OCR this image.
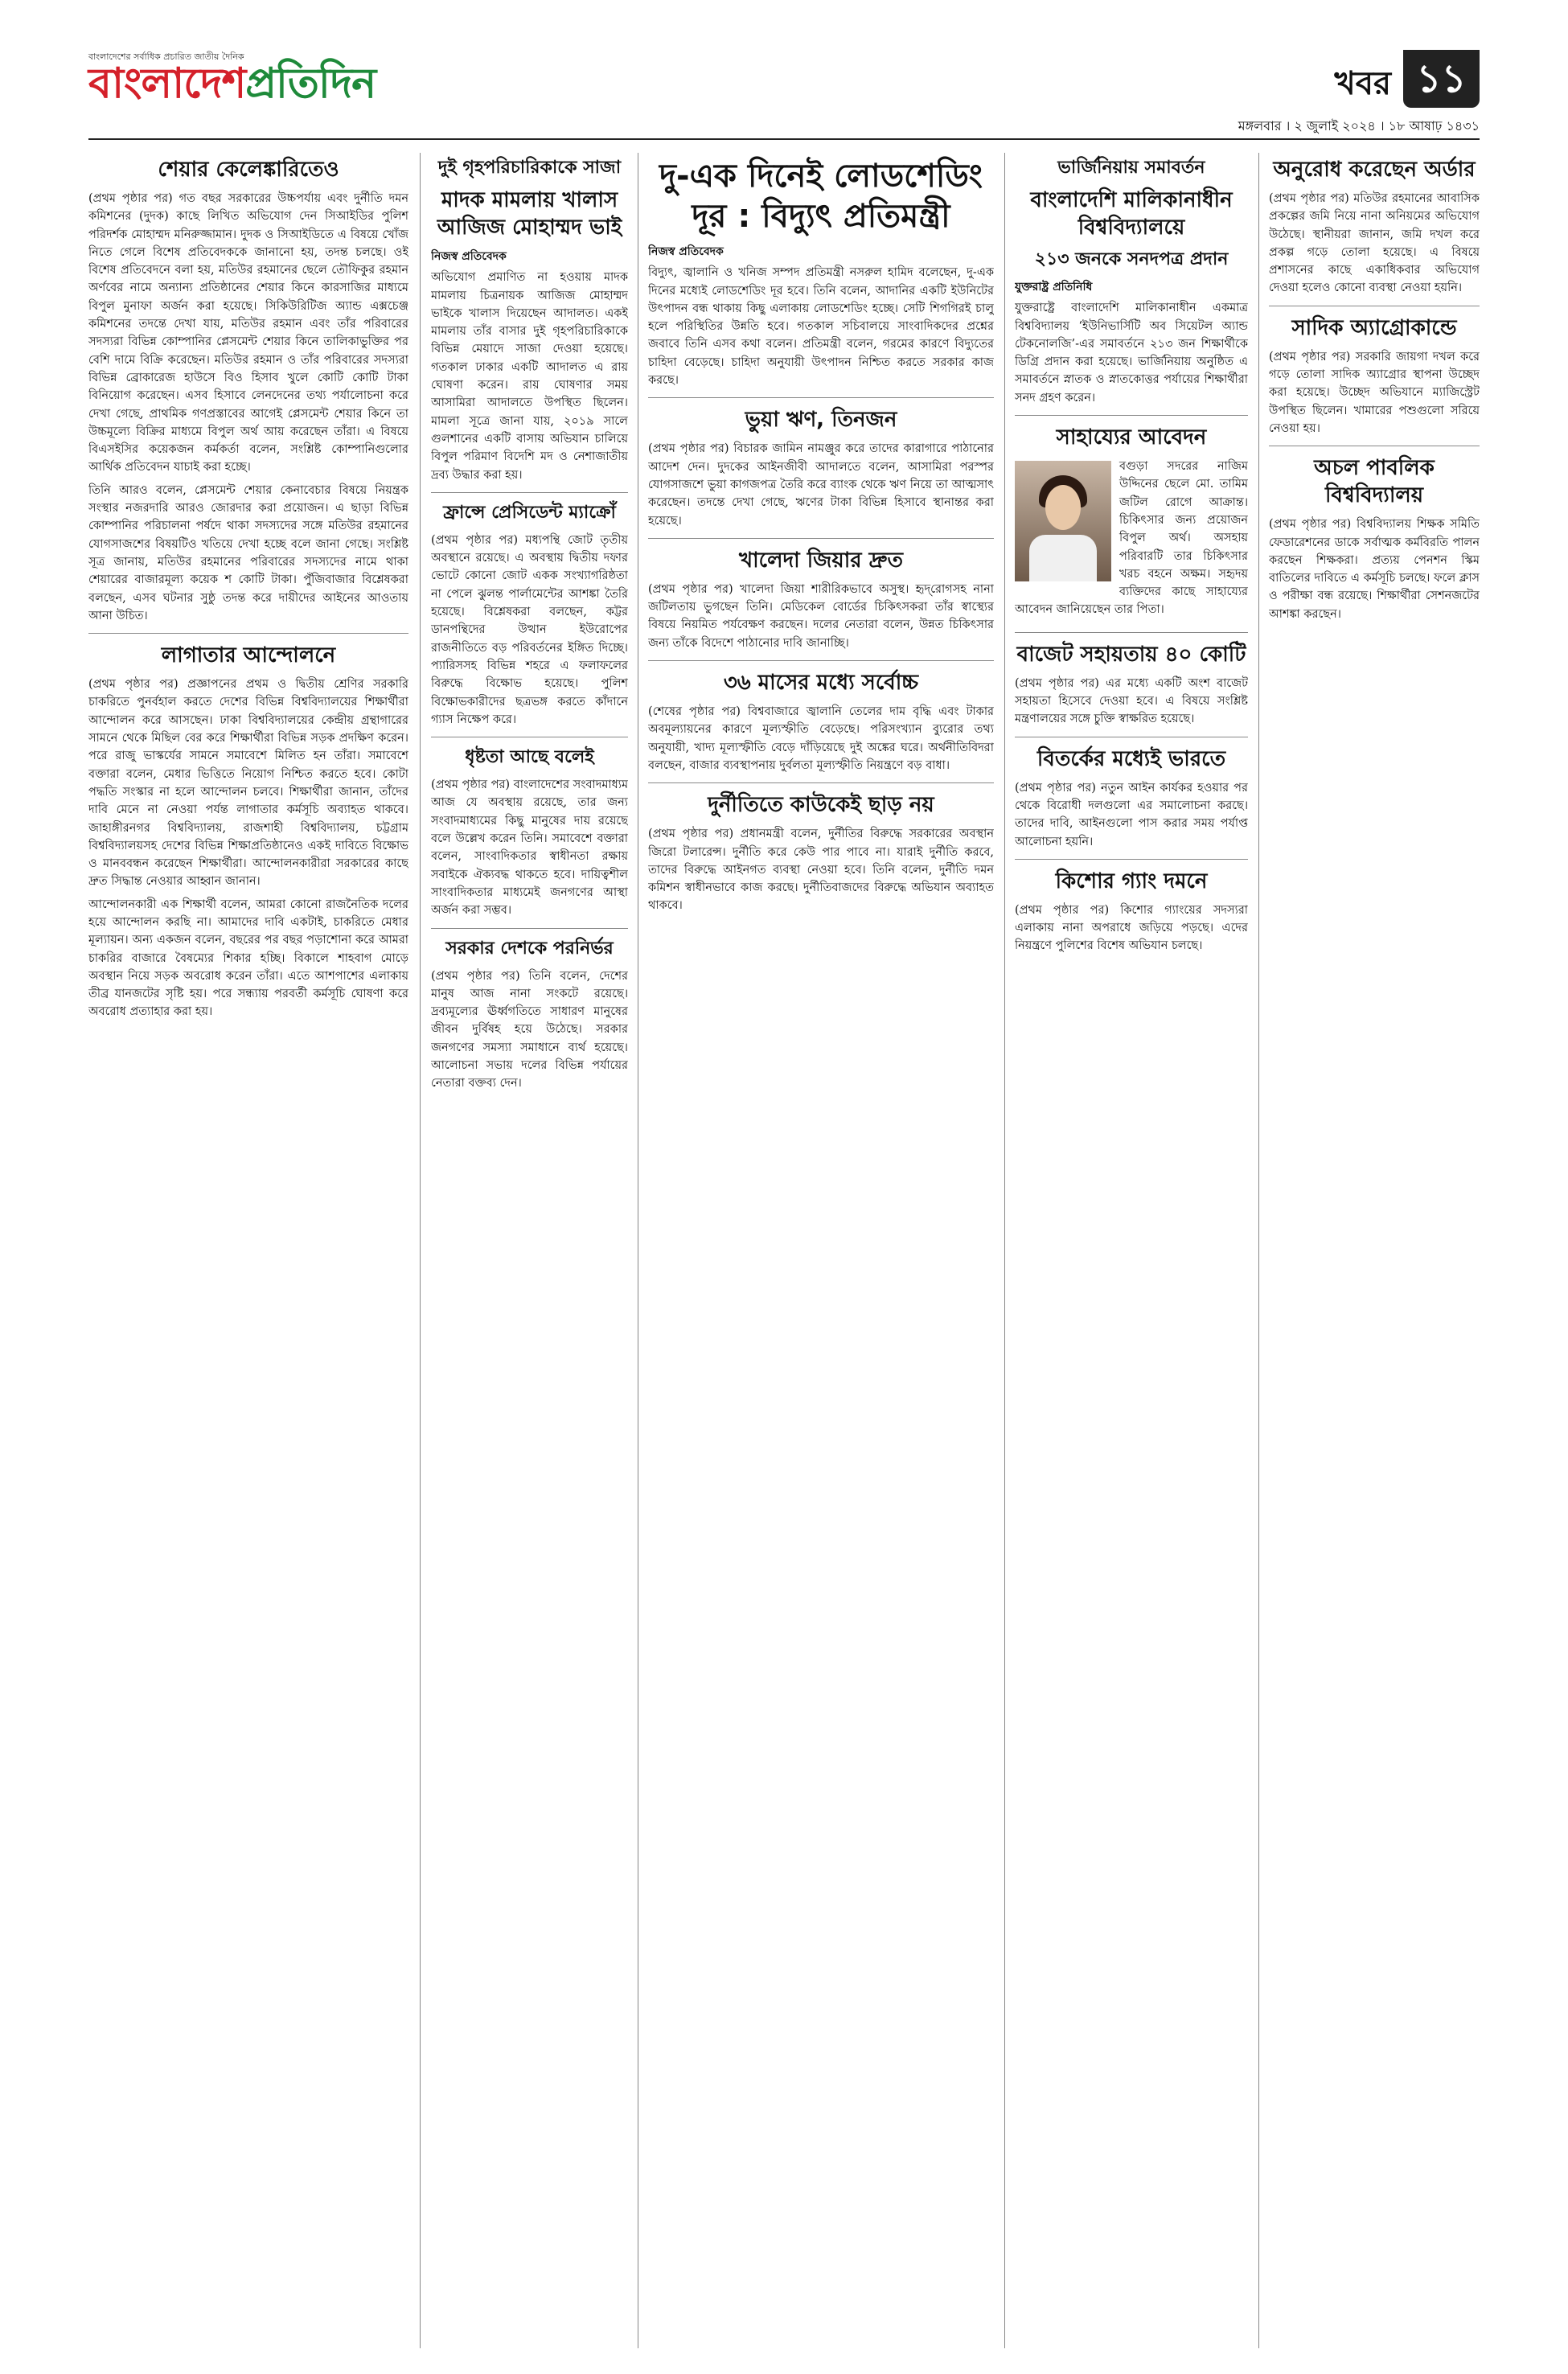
বাংলাদেশের সর্বাধিক প্রচারিত জাতীয় দৈনিক
বাংলাদেশপ্রতিদিন	খবর ১১
মঙ্গলবার । ২ জুলাই ২০২৪ । ১৮ আষাঢ় ১৪৩১
শেয়ার কেলেঙ্কারিতেও

(প্রথম পৃষ্ঠার পর) গত বছর সরকারের উচ্চপর্যায় এবং দুর্নীতি দমন কমিশনের (দুদক) কাছে লিখিত অভিযোগ দেন সিআইডির পুলিশ পরিদর্শক মোহাম্মদ মনিরুজ্জামান। দুদক ও সিআইডিতে এ বিষয়ে খোঁজ নিতে গেলে বিশেষ প্রতিবেদককে জানানো হয়, তদন্ত চলছে। ওই বিশেষ প্রতিবেদনে বলা হয়, মতিউর রহমানের ছেলে তৌফিকুর রহমান অর্ণবের নামে অন্যান্য প্রতিষ্ঠানের শেয়ার কিনে কারসাজির মাধ্যমে বিপুল মুনাফা অর্জন করা হয়েছে। সিকিউরিটিজ অ্যান্ড এক্সচেঞ্জ কমিশনের তদন্তে দেখা যায়, মতিউর রহমান এবং তাঁর পরিবারের সদস্যরা বিভিন্ন কোম্পানির প্লেসমেন্ট শেয়ার কিনে তালিকাভুক্তির পর বেশি দামে বিক্রি করেছেন। মতিউর রহমান ও তাঁর পরিবারের সদস্যরা বিভিন্ন ব্রোকারেজ হাউসে বিও হিসাব খুলে কোটি কোটি টাকা বিনিয়োগ করেছেন। এসব হিসাবে লেনদেনের তথ্য পর্যালোচনা করে দেখা গেছে, প্রাথমিক গণপ্রস্তাবের আগেই প্লেসমেন্ট শেয়ার কিনে তা উচ্চমূল্যে বিক্রির মাধ্যমে বিপুল অর্থ আয় করেছেন তাঁরা। এ বিষয়ে বিএসইসির কয়েকজন কর্মকর্তা বলেন, সংশ্লিষ্ট কোম্পানিগুলোর আর্থিক প্রতিবেদন যাচাই করা হচ্ছে।

তিনি আরও বলেন, প্লেসমেন্ট শেয়ার কেনাবেচার বিষয়ে নিয়ন্ত্রক সংস্থার নজরদারি আরও জোরদার করা প্রয়োজন। এ ছাড়া বিভিন্ন কোম্পানির পরিচালনা পর্ষদে থাকা সদস্যদের সঙ্গে মতিউর রহমানের যোগসাজশের বিষয়টিও খতিয়ে দেখা হচ্ছে বলে জানা গেছে। সংশ্লিষ্ট সূত্র জানায়, মতিউর রহমানের পরিবারের সদস্যদের নামে থাকা শেয়ারের বাজারমূল্য কয়েক শ কোটি টাকা। পুঁজিবাজার বিশ্লেষকরা বলছেন, এসব ঘটনার সুষ্ঠু তদন্ত করে দায়ীদের আইনের আওতায় আনা উচিত।

লাগাতার আন্দোলনে

(প্রথম পৃষ্ঠার পর) প্রজ্ঞাপনের প্রথম ও দ্বিতীয় শ্রেণির সরকারি চাকরিতে পুনর্বহাল করতে দেশের বিভিন্ন বিশ্ববিদ্যালয়ের শিক্ষার্থীরা আন্দোলন করে আসছেন। ঢাকা বিশ্ববিদ্যালয়ের কেন্দ্রীয় গ্রন্থাগারের সামনে থেকে মিছিল বের করে শিক্ষার্থীরা বিভিন্ন সড়ক প্রদক্ষিণ করেন। পরে রাজু ভাস্কর্যের সামনে সমাবেশে মিলিত হন তাঁরা। সমাবেশে বক্তারা বলেন, মেধার ভিত্তিতে নিয়োগ নিশ্চিত করতে হবে। কোটা পদ্ধতি সংস্কার না হলে আন্দোলন চলবে। শিক্ষার্থীরা জানান, তাঁদের দাবি মেনে না নেওয়া পর্যন্ত লাগাতার কর্মসূচি অব্যাহত থাকবে। জাহাঙ্গীরনগর বিশ্ববিদ্যালয়, রাজশাহী বিশ্ববিদ্যালয়, চট্টগ্রাম বিশ্ববিদ্যালয়সহ দেশের বিভিন্ন শিক্ষাপ্রতিষ্ঠানেও একই দাবিতে বিক্ষোভ ও মানববন্ধন করেছেন শিক্ষার্থীরা। আন্দোলনকারীরা সরকারের কাছে দ্রুত সিদ্ধান্ত নেওয়ার আহ্বান জানান।

আন্দোলনকারী এক শিক্ষার্থী বলেন, আমরা কোনো রাজনৈতিক দলের হয়ে আন্দোলন করছি না। আমাদের দাবি একটাই, চাকরিতে মেধার মূল্যায়ন। অন্য একজন বলেন, বছরের পর বছর পড়াশোনা করে আমরা চাকরির বাজারে বৈষম্যের শিকার হচ্ছি। বিকালে শাহবাগ মোড়ে অবস্থান নিয়ে সড়ক অবরোধ করেন তাঁরা। এতে আশপাশের এলাকায় তীব্র যানজটের সৃষ্টি হয়। পরে সন্ধ্যায় পরবর্তী কর্মসূচি ঘোষণা করে অবরোধ প্রত্যাহার করা হয়।

দুই গৃহপরিচারিকাকে সাজা
মাদক মামলায় খালাস আজিজ মোহাম্মদ ভাই
নিজস্ব প্রতিবেদক

অভিযোগ প্রমাণিত না হওয়ায় মাদক মামলায় চিত্রনায়ক আজিজ মোহাম্মদ ভাইকে খালাস দিয়েছেন আদালত। একই মামলায় তাঁর বাসার দুই গৃহপরিচারিকাকে বিভিন্ন মেয়াদে সাজা দেওয়া হয়েছে। গতকাল ঢাকার একটি আদালত এ রায় ঘোষণা করেন। রায় ঘোষণার সময় আসামিরা আদালতে উপস্থিত ছিলেন। মামলা সূত্রে জানা যায়, ২০১৯ সালে গুলশানের একটি বাসায় অভিযান চালিয়ে বিপুল পরিমাণ বিদেশি মদ ও নেশাজাতীয় দ্রব্য উদ্ধার করা হয়।

ফ্রান্সে প্রেসিডেন্ট ম্যাক্রোঁ

(প্রথম পৃষ্ঠার পর) মধ্যপন্থি জোট তৃতীয় অবস্থানে রয়েছে। এ অবস্থায় দ্বিতীয় দফার ভোটে কোনো জোট একক সংখ্যাগরিষ্ঠতা না পেলে ঝুলন্ত পার্লামেন্টের আশঙ্কা তৈরি হয়েছে। বিশ্লেষকরা বলছেন, কট্টর ডানপন্থিদের উত্থান ইউরোপের রাজনীতিতে বড় পরিবর্তনের ইঙ্গিত দিচ্ছে। প্যারিসসহ বিভিন্ন শহরে এ ফলাফলের বিরুদ্ধে বিক্ষোভ হয়েছে। পুলিশ বিক্ষোভকারীদের ছত্রভঙ্গ করতে কাঁদানে গ্যাস নিক্ষেপ করে।

ধৃষ্টতা আছে বলেই

(প্রথম পৃষ্ঠার পর) বাংলাদেশের সংবাদমাধ্যম আজ যে অবস্থায় রয়েছে, তার জন্য সংবাদমাধ্যমের কিছু মানুষের দায় রয়েছে বলে উল্লেখ করেন তিনি। সমাবেশে বক্তারা বলেন, সাংবাদিকতার স্বাধীনতা রক্ষায় সবাইকে ঐক্যবদ্ধ থাকতে হবে। দায়িত্বশীল সাংবাদিকতার মাধ্যমেই জনগণের আস্থা অর্জন করা সম্ভব।

সরকার দেশকে পরনির্ভর

(প্রথম পৃষ্ঠার পর) তিনি বলেন, দেশের মানুষ আজ নানা সংকটে রয়েছে। দ্রব্যমূল্যের ঊর্ধ্বগতিতে সাধারণ মানুষের জীবন দুর্বিষহ হয়ে উঠেছে। সরকার জনগণের সমস্যা সমাধানে ব্যর্থ হয়েছে। আলোচনা সভায় দলের বিভিন্ন পর্যায়ের নেতারা বক্তব্য দেন।

দু-এক দিনেই লোডশেডিং দূর : বিদ্যুৎ প্রতিমন্ত্রী
নিজস্ব প্রতিবেদক

বিদ্যুৎ, জ্বালানি ও খনিজ সম্পদ প্রতিমন্ত্রী নসরুল হামিদ বলেছেন, দু-এক দিনের মধ্যেই লোডশেডিং দূর হবে। তিনি বলেন, আদানির একটি ইউনিটের উৎপাদন বন্ধ থাকায় কিছু এলাকায় লোডশেডিং হচ্ছে। সেটি শিগগিরই চালু হলে পরিস্থিতির উন্নতি হবে। গতকাল সচিবালয়ে সাংবাদিকদের প্রশ্নের জবাবে তিনি এসব কথা বলেন। প্রতিমন্ত্রী বলেন, গরমের কারণে বিদ্যুতের চাহিদা বেড়েছে। চাহিদা অনুযায়ী উৎপাদন নিশ্চিত করতে সরকার কাজ করছে।

ভুয়া ঋণ, তিনজন

(প্রথম পৃষ্ঠার পর) বিচারক জামিন নামঞ্জুর করে তাদের কারাগারে পাঠানোর আদেশ দেন। দুদকের আইনজীবী আদালতে বলেন, আসামিরা পরস্পর যোগসাজশে ভুয়া কাগজপত্র তৈরি করে ব্যাংক থেকে ঋণ নিয়ে তা আত্মসাৎ করেছেন। তদন্তে দেখা গেছে, ঋণের টাকা বিভিন্ন হিসাবে স্থানান্তর করা হয়েছে।

খালেদা জিয়ার দ্রুত

(প্রথম পৃষ্ঠার পর) খালেদা জিয়া শারীরিকভাবে অসুস্থ। হৃদ্‌রোগসহ নানা জটিলতায় ভুগছেন তিনি। মেডিকেল বোর্ডের চিকিৎসকরা তাঁর স্বাস্থ্যের বিষয়ে নিয়মিত পর্যবেক্ষণ করছেন। দলের নেতারা বলেন, উন্নত চিকিৎসার জন্য তাঁকে বিদেশে পাঠানোর দাবি জানাচ্ছি।

৩৬ মাসের মধ্যে সর্বোচ্চ

(শেষের পৃষ্ঠার পর) বিশ্ববাজারে জ্বালানি তেলের দাম বৃদ্ধি এবং টাকার অবমূল্যায়নের কারণে মূল্যস্ফীতি বেড়েছে। পরিসংখ্যান ব্যুরোর তথ্য অনুযায়ী, খাদ্য মূল্যস্ফীতি বেড়ে দাঁড়িয়েছে দুই অঙ্কের ঘরে। অর্থনীতিবিদরা বলছেন, বাজার ব্যবস্থাপনায় দুর্বলতা মূল্যস্ফীতি নিয়ন্ত্রণে বড় বাধা।

দুর্নীতিতে কাউকেই ছাড় নয়

(প্রথম পৃষ্ঠার পর) প্রধানমন্ত্রী বলেন, দুর্নীতির বিরুদ্ধে সরকারের অবস্থান জিরো টলারেন্স। দুর্নীতি করে কেউ পার পাবে না। যারাই দুর্নীতি করবে, তাদের বিরুদ্ধে আইনগত ব্যবস্থা নেওয়া হবে। তিনি বলেন, দুর্নীতি দমন কমিশন স্বাধীনভাবে কাজ করছে। দুর্নীতিবাজদের বিরুদ্ধে অভিযান অব্যাহত থাকবে।

ভার্জিনিয়ায় সমাবর্তন
বাংলাদেশি মালিকানাধীন বিশ্ববিদ্যালয়ে
২১৩ জনকে সনদপত্র প্রদান
যুক্তরাষ্ট্র প্রতিনিধি

যুক্তরাষ্ট্রে বাংলাদেশি মালিকানাধীন একমাত্র বিশ্ববিদ্যালয় ‘ইউনিভার্সিটি অব সিয়েটল অ্যান্ড টেকনোলজি’-এর সমাবর্তনে ২১৩ জন শিক্ষার্থীকে ডিগ্রি প্রদান করা হয়েছে। ভার্জিনিয়ায় অনুষ্ঠিত এ সমাবর্তনে স্নাতক ও স্নাতকোত্তর পর্যায়ের শিক্ষার্থীরা সনদ গ্রহণ করেন।

সাহায্যের আবেদন

বগুড়া সদরের নাজিম উদ্দিনের ছেলে মো. তামিম জটিল রোগে আক্রান্ত। চিকিৎসার জন্য প্রয়োজন বিপুল অর্থ। অসহায় পরিবারটি তার চিকিৎসার খরচ বহনে অক্ষম। সহৃদয় ব্যক্তিদের কাছে সাহায্যের আবেদন জানিয়েছেন তার পিতা।

বাজেট সহায়তায় ৪০ কোটি

(প্রথম পৃষ্ঠার পর) এর মধ্যে একটি অংশ বাজেট সহায়তা হিসেবে দেওয়া হবে। এ বিষয়ে সংশ্লিষ্ট মন্ত্রণালয়ের সঙ্গে চুক্তি স্বাক্ষরিত হয়েছে।

বিতর্কের মধ্যেই ভারতে

(প্রথম পৃষ্ঠার পর) নতুন আইন কার্যকর হওয়ার পর থেকে বিরোধী দলগুলো এর সমালোচনা করছে। তাদের দাবি, আইনগুলো পাস করার সময় পর্যাপ্ত আলোচনা হয়নি।

কিশোর গ্যাং দমনে

(প্রথম পৃষ্ঠার পর) কিশোর গ্যাংয়ের সদস্যরা এলাকায় নানা অপরাধে জড়িয়ে পড়ছে। এদের নিয়ন্ত্রণে পুলিশের বিশেষ অভিযান চলছে।

অনুরোধ করেছেন অর্ডার

(প্রথম পৃষ্ঠার পর) মতিউর রহমানের আবাসিক প্রকল্পের জমি নিয়ে নানা অনিয়মের অভিযোগ উঠেছে। স্থানীয়রা জানান, জমি দখল করে প্রকল্প গড়ে তোলা হয়েছে। এ বিষয়ে প্রশাসনের কাছে একাধিকবার অভিযোগ দেওয়া হলেও কোনো ব্যবস্থা নেওয়া হয়নি।

সাদিক অ্যাগ্রোকান্ডে

(প্রথম পৃষ্ঠার পর) সরকারি জায়গা দখল করে গড়ে তোলা সাদিক অ্যাগ্রোর স্থাপনা উচ্ছেদ করা হয়েছে। উচ্ছেদ অভিযানে ম্যাজিস্ট্রেট উপস্থিত ছিলেন। খামারের পশুগুলো সরিয়ে নেওয়া হয়।

অচল পাবলিক বিশ্ববিদ্যালয়

(প্রথম পৃষ্ঠার পর) বিশ্ববিদ্যালয় শিক্ষক সমিতি ফেডারেশনের ডাকে সর্বাত্মক কর্মবিরতি পালন করছেন শিক্ষকরা। প্রত্যয় পেনশন স্কিম বাতিলের দাবিতে এ কর্মসূচি চলছে। ফলে ক্লাস ও পরীক্ষা বন্ধ রয়েছে। শিক্ষার্থীরা সেশনজটের আশঙ্কা করছেন।
